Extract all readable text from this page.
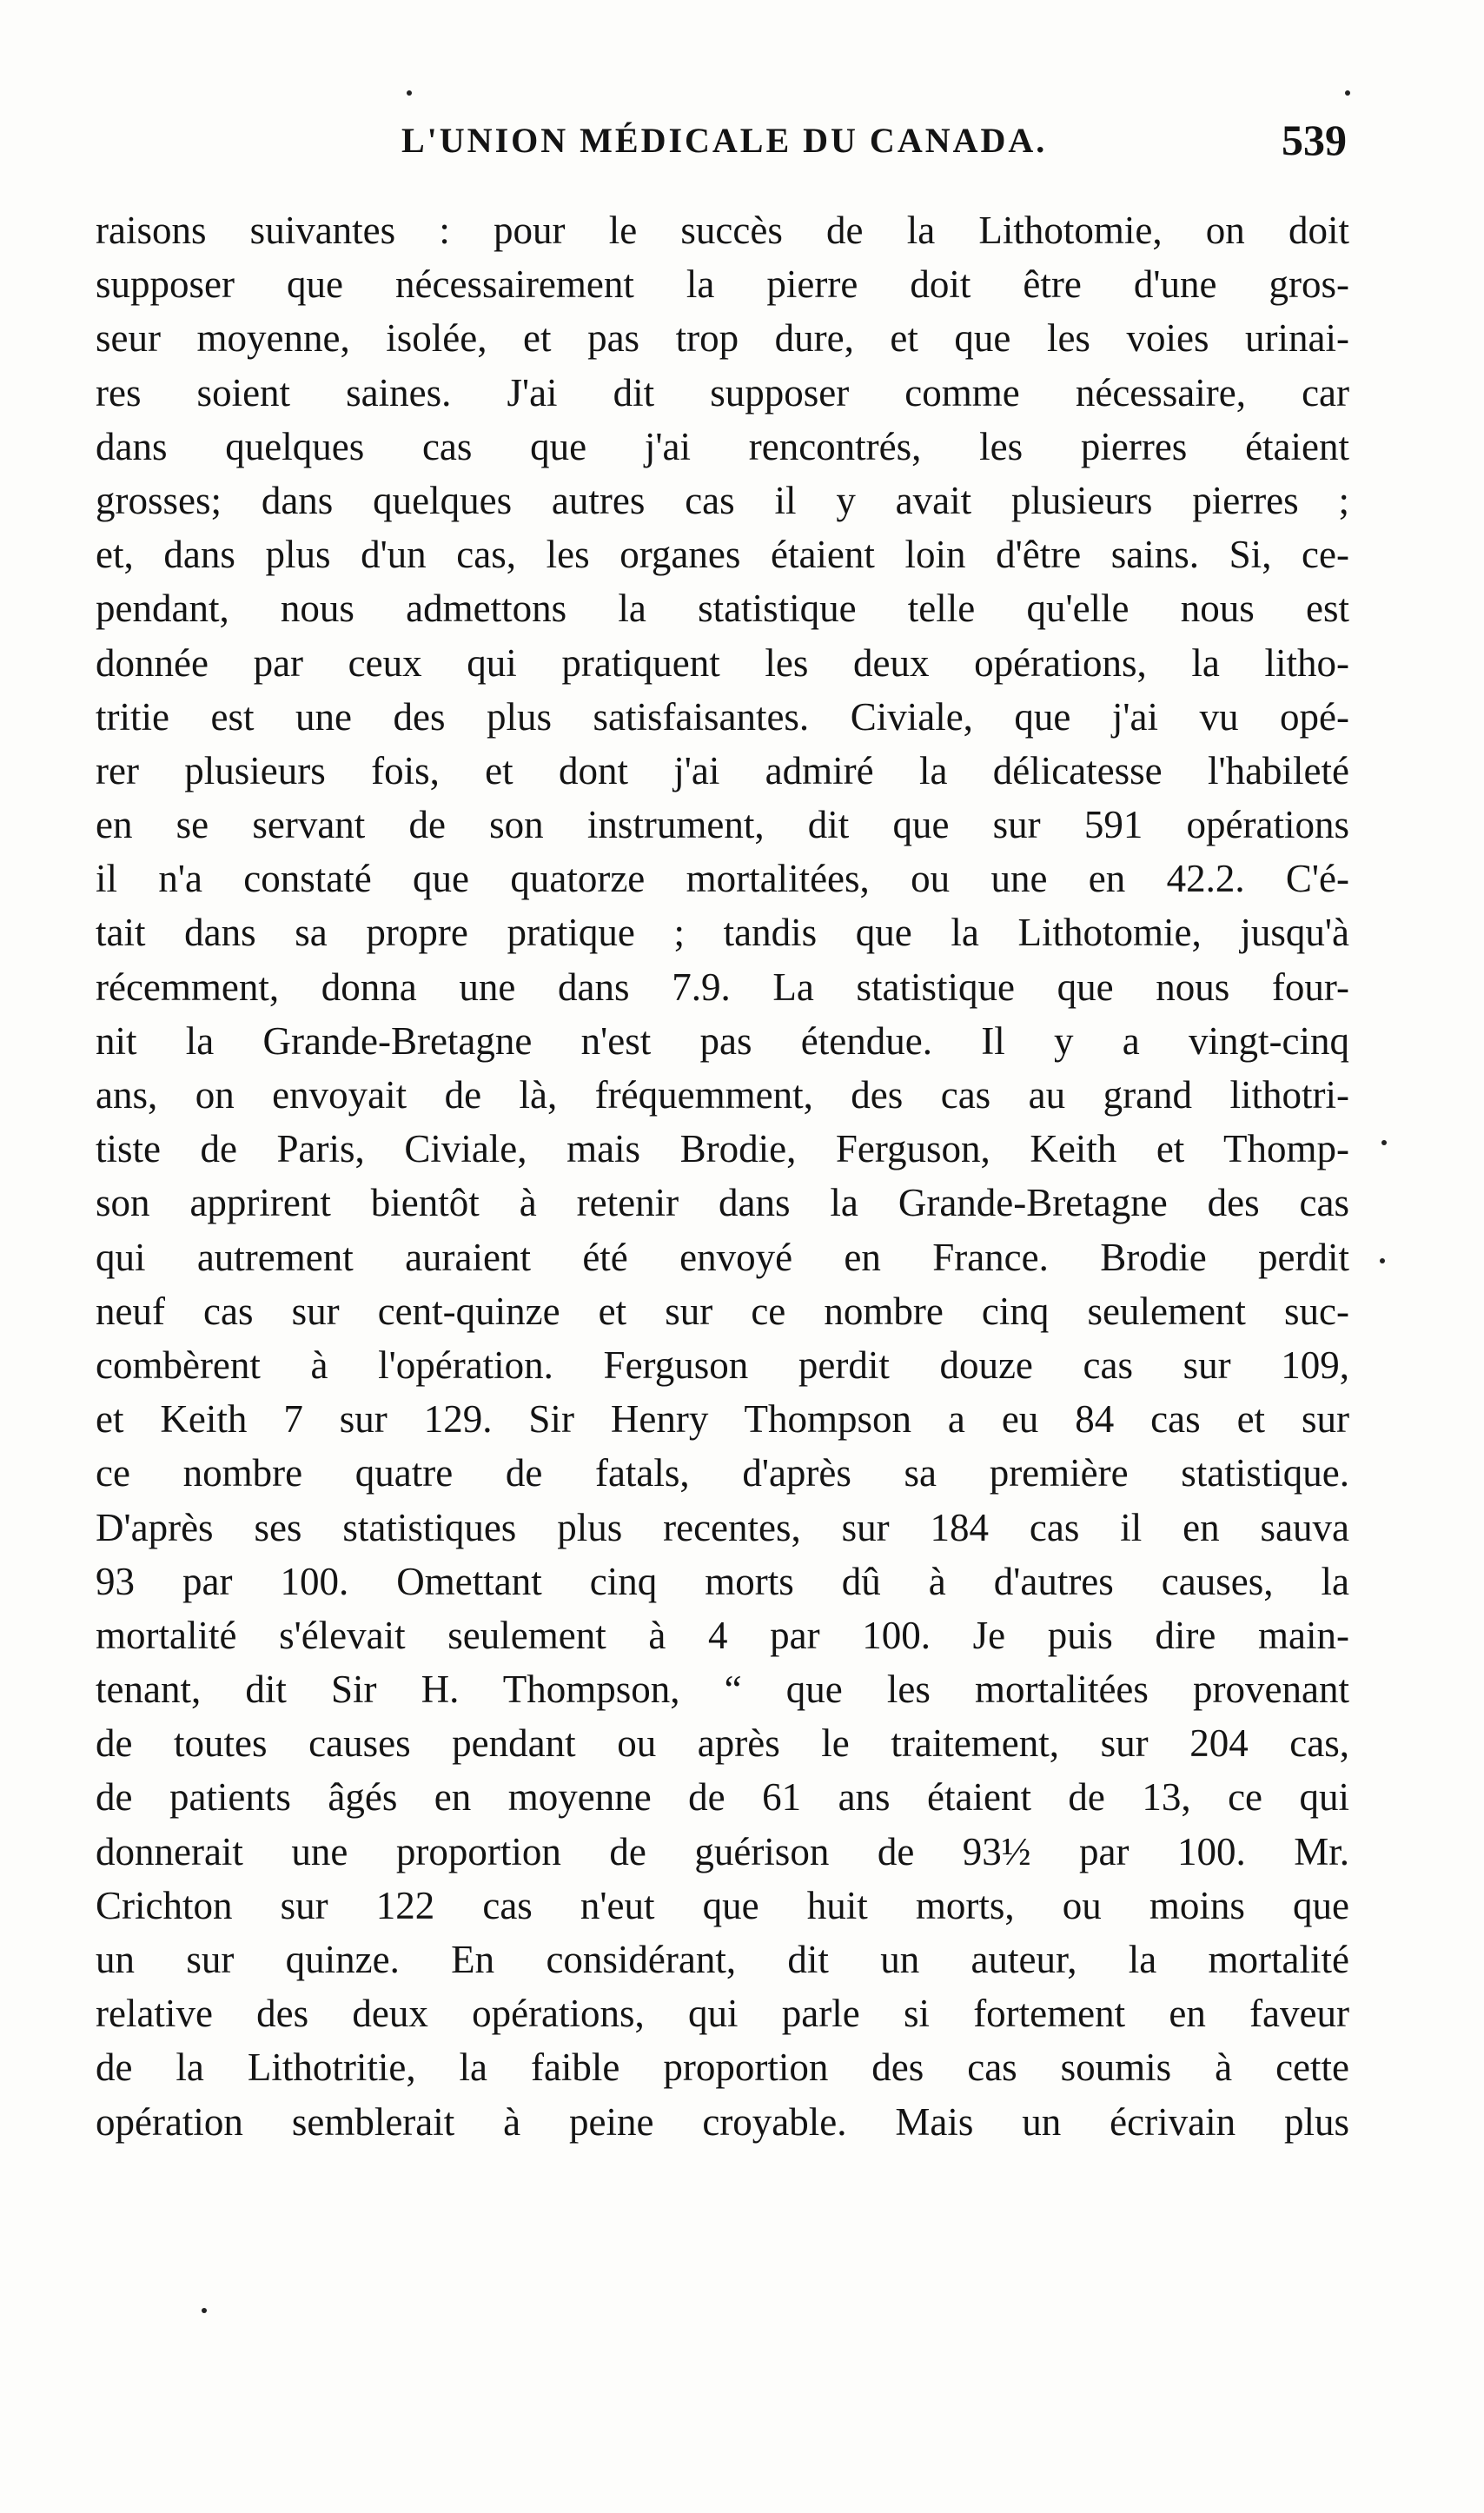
L'UNION MÉDICALE DU CANADA.	539
raisons suivantes : pour le succès de la Lithotomie, on doit
supposer que nécessairement la pierre doit être d'une gros-
seur moyenne, isolée, et pas trop dure, et que les voies urinai-
res soient saines. J'ai dit supposer comme nécessaire, car
dans quelques cas que j'ai rencontrés, les pierres étaient
grosses; dans quelques autres cas il y avait plusieurs pierres ;
et, dans plus d'un cas, les organes étaient loin d'être sains. Si, ce-
pendant, nous admettons la statistique telle qu'elle nous est
donnée par ceux qui pratiquent les deux opérations, la litho-
tritie est une des plus satisfaisantes. Civiale, que j'ai vu opé-
rer plusieurs fois, et dont j'ai admiré la délicatesse l'habileté
en se servant de son instrument, dit que sur 591 opérations
il n'a constaté que quatorze mortalitées, ou une en 42.2. C'é-
tait dans sa propre pratique ; tandis que la Lithotomie, jusqu'à
récemment, donna une dans 7.9. La statistique que nous four-
nit la Grande-Bretagne n'est pas étendue. Il y a vingt-cinq
ans, on envoyait de là, fréquemment, des cas au grand lithotri-
tiste de Paris, Civiale, mais Brodie, Ferguson, Keith et Thomp-
son apprirent bientôt à retenir dans la Grande-Bretagne des cas
qui autrement auraient été envoyé en France. Brodie perdit
neuf cas sur cent-quinze et sur ce nombre cinq seulement suc-
combèrent à l'opération. Ferguson perdit douze cas sur 109,
et Keith 7 sur 129. Sir Henry Thompson a eu 84 cas et sur
ce nombre quatre de fatals, d'après sa première statistique.
D'après ses statistiques plus recentes, sur 184 cas il en sauva
93 par 100. Omettant cinq morts dû à d'autres causes, la
mortalité s'élevait seulement à 4 par 100. Je puis dire main-
tenant, dit Sir H. Thompson, “ que les mortalitées provenant
de toutes causes pendant ou après le traitement, sur 204 cas,
de patients âgés en moyenne de 61 ans étaient de 13, ce qui
donnerait une proportion de guérison de 93½ par 100. Mr.
Crichton sur 122 cas n'eut que huit morts, ou moins que
un sur quinze. En considérant, dit un auteur, la mortalité
relative des deux opérations, qui parle si fortement en faveur
de la Lithotritie, la faible proportion des cas soumis à cette
opération semblerait à peine croyable. Mais un écrivain plus
